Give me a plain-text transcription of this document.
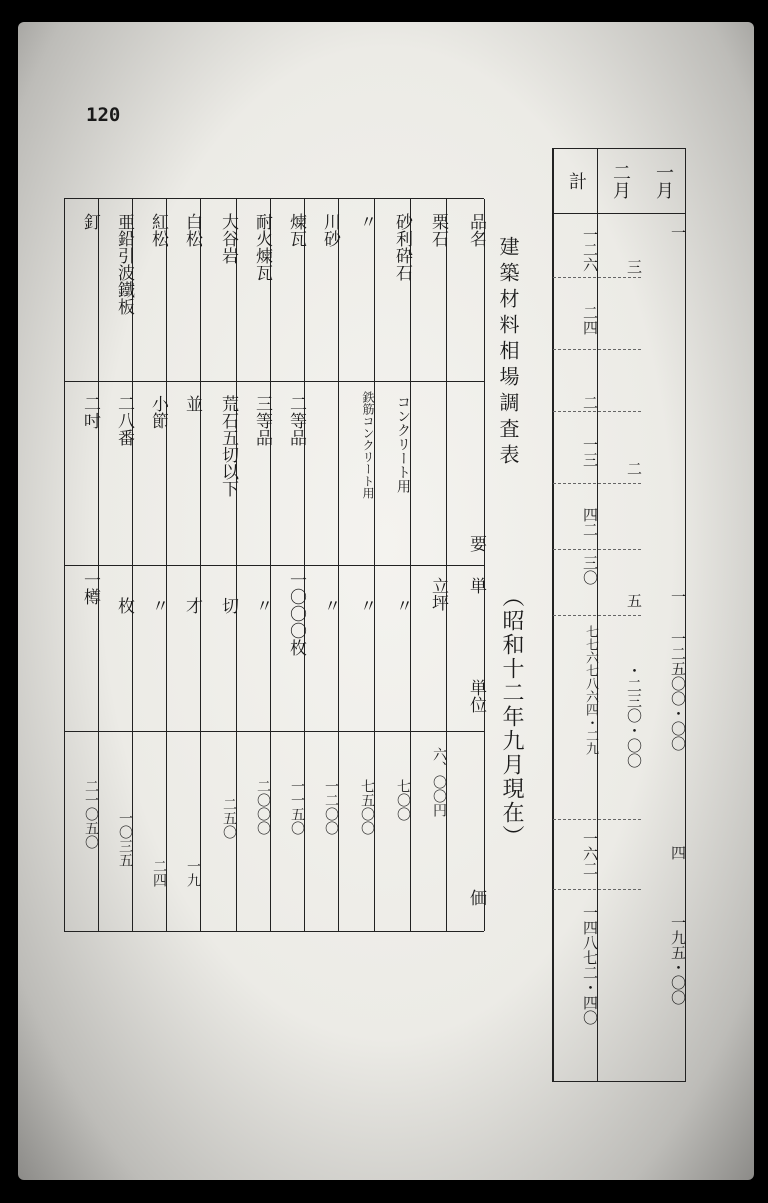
120
一月
二月
計
一
一
一二五〇〇・〇〇
四
一九五・〇〇
三
二
五
・二三〇・〇〇
一二六
二四
二
一三
四二
三〇
七七六七八六四・二九
一六二
一四八七二・四〇
建築材料相場調査表
（昭和十二年九月現在）
品名
要
単
単位
価
栗石
立坪
六、〇〇円
砂利砕石
コンクリート用
〃
七〇〇
〃
鉄筋コンクリート用
〃
七五〇〇
川砂
〃
一二〇〇
煉瓦
二等品
一〇〇〇枚
一一五〇
耐火煉瓦
三等品
〃
二〇〇〇
大谷岩
荒石五切以下
切
二五〇
白松
並
才
一九
紅松
小節
〃
二四
亜鉛引波鐵板
二八番
枚
一〇三五
釘
二吋
一樽
二一〇五〇
